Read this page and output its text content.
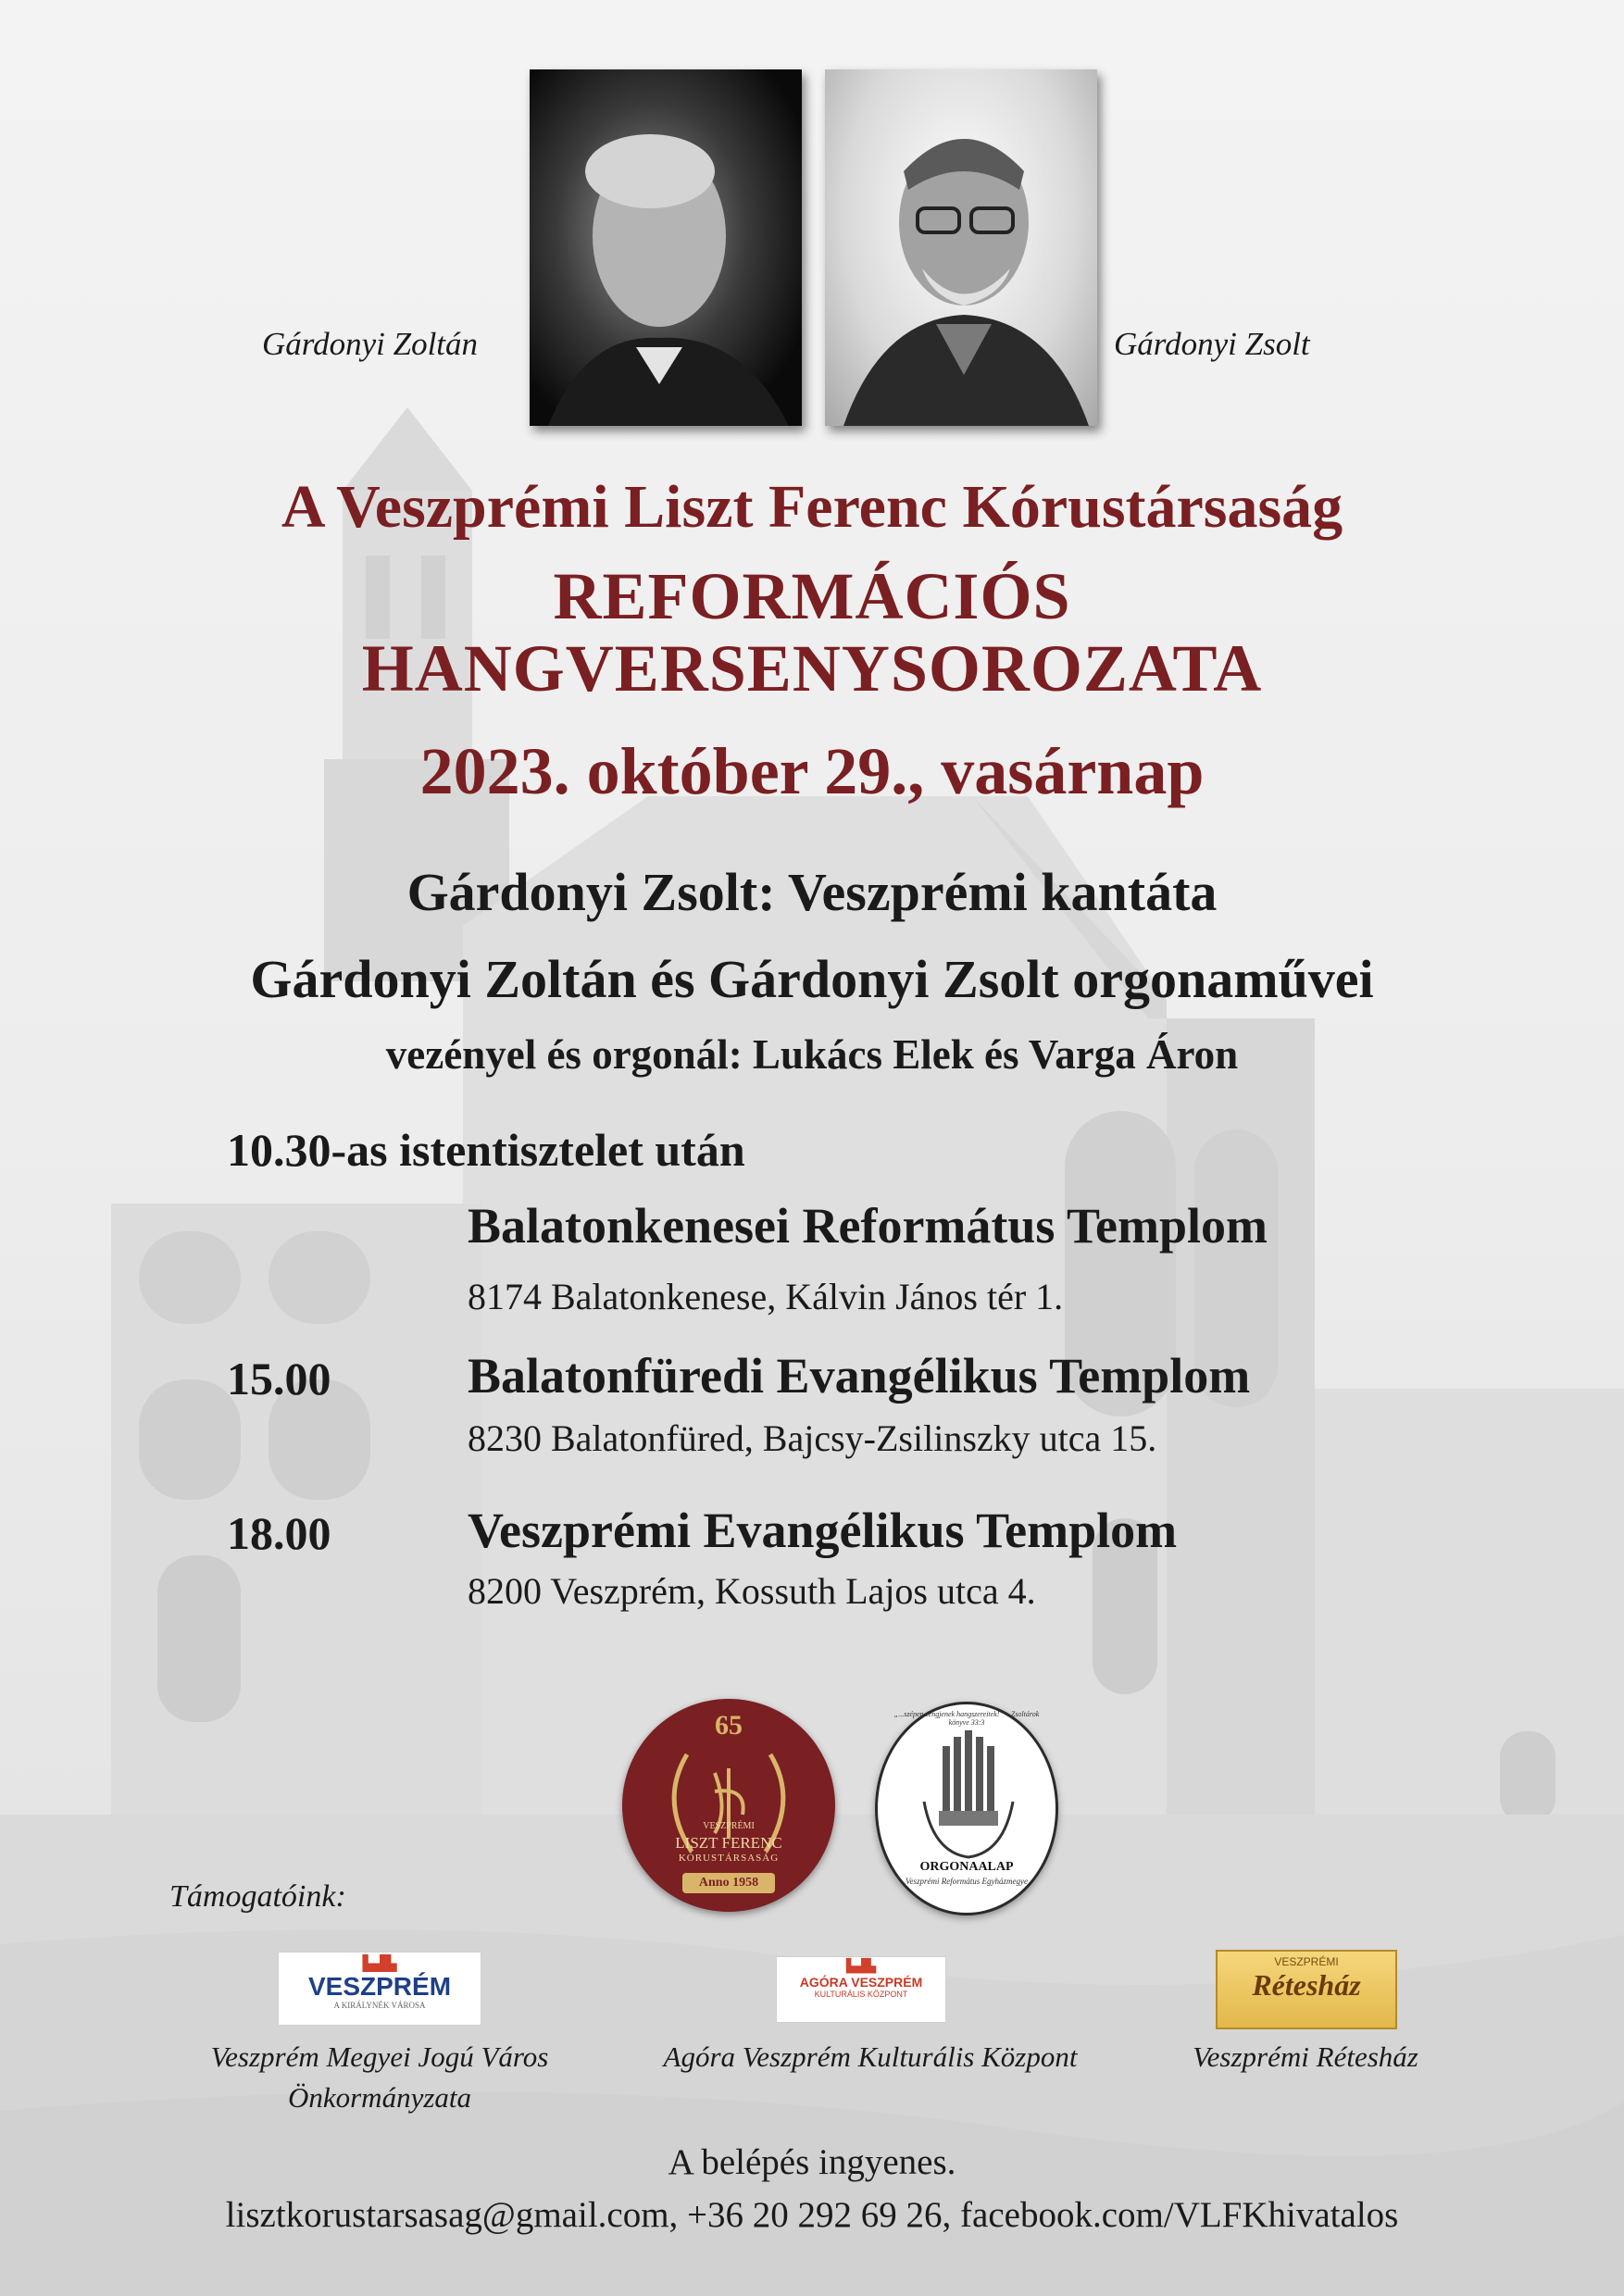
Gárdonyi Zoltán	Gárdonyi Zsolt
A Veszprémi Liszt Ferenc Kórustársaság
REFORMÁCIÓS
HANGVERSENYSOROZATA
2023. október 29., vasárnap
Gárdonyi Zsolt: Veszprémi kantáta
Gárdonyi Zoltán és Gárdonyi Zsolt orgonaművei
vezényel és orgonál: Lukács Elek és Varga Áron
10.30-as istentisztelet után
Balatonkenesei Református Templom
8174 Balatonkenese, Kálvin János tér 1.
15.00	Balatonfüredi Evangélikus Templom
8230 Balatonfüred, Bajcsy-Zsilinszky utca 15.
18.00	Veszprémi Evangélikus Templom
8200 Veszprém, Kossuth Lajos utca 4.
65
VESZPRÉMI
LISZT FERENC
KÓRUSTÁRSASÁG
Anno 1958
„...szépen zengjenek hangszereitek!” – Zsoltárok könyve 33:3
ORGONAALAP
Veszprémi Református Egyházmegye
Támogatóink:
▙▟▙
VESZPRÉM
A KIRÁLYNÉK VÁROSA
▙▟▙
AGÓRA VESZPRÉM
KULTURÁLIS KÖZPONT
VESZPRÉMI
Rétesház
Veszprém Megyei Jogú Város
Önkormányzata
Agóra Veszprém Kulturális Központ	Veszprémi Rétesház
A belépés ingyenes.
lisztkorustarsasag@gmail.com, +36 20 292 69 26, facebook.com/VLFKhivatalos
